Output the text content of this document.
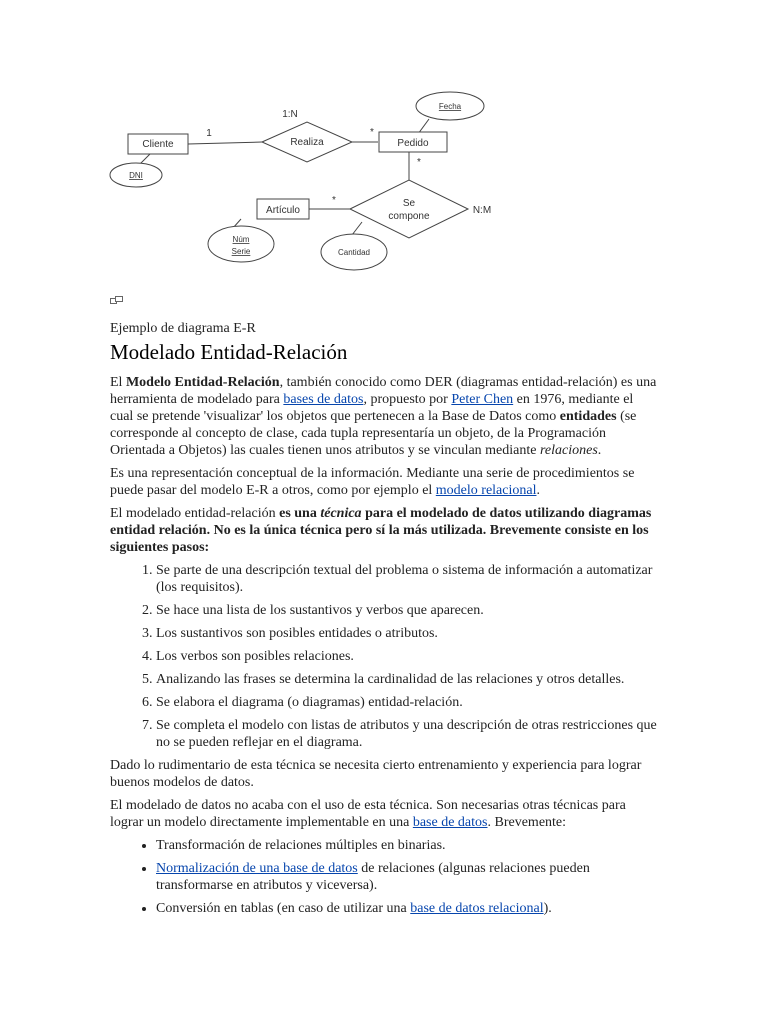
Cliente	Pedido
Artículo
Realiza
Se
compone
Fecha
DNI
Núm
Serie	Cantidad
1:N
N:M
1	*
*
*

Ejemplo de diagrama E-R

Modelado Entidad-Relación

El Modelo Entidad-Relación, también conocido como DER (diagramas entidad-relación) es una herramienta de modelado para bases de datos, propuesto por Peter Chen en 1976, mediante el cual se pretende 'visualizar' los objetos que pertenecen a la Base de Datos como entidades (se corresponde al concepto de clase, cada tupla representaría un objeto, de la Programación Orientada a Objetos) las cuales tienen unos atributos y se vinculan mediante relaciones.

Es una representación conceptual de la información. Mediante una serie de procedimientos se puede pasar del modelo E-R a otros, como por ejemplo el modelo relacional.

El modelado entidad-relación es una técnica para el modelado de datos utilizando diagramas entidad relación. No es la única técnica pero sí la más utilizada. Brevemente consiste en los siguientes pasos:

1. Se parte de una descripción textual del problema o sistema de información a automatizar (los requisitos).
2. Se hace una lista de los sustantivos y verbos que aparecen.
3. Los sustantivos son posibles entidades o atributos.
4. Los verbos son posibles relaciones.
5. Analizando las frases se determina la cardinalidad de las relaciones y otros detalles.
6. Se elabora el diagrama (o diagramas) entidad-relación.
7. Se completa el modelo con listas de atributos y una descripción de otras restricciones que no se pueden reflejar en el diagrama.

Dado lo rudimentario de esta técnica se necesita cierto entrenamiento y experiencia para lograr buenos modelos de datos.

El modelado de datos no acaba con el uso de esta técnica. Son necesarias otras técnicas para lograr un modelo directamente implementable en una base de datos. Brevemente:

• Transformación de relaciones múltiples en binarias.
• Normalización de una base de datos de relaciones (algunas relaciones pueden transformarse en atributos y viceversa).
• Conversión en tablas (en caso de utilizar una base de datos relacional).
